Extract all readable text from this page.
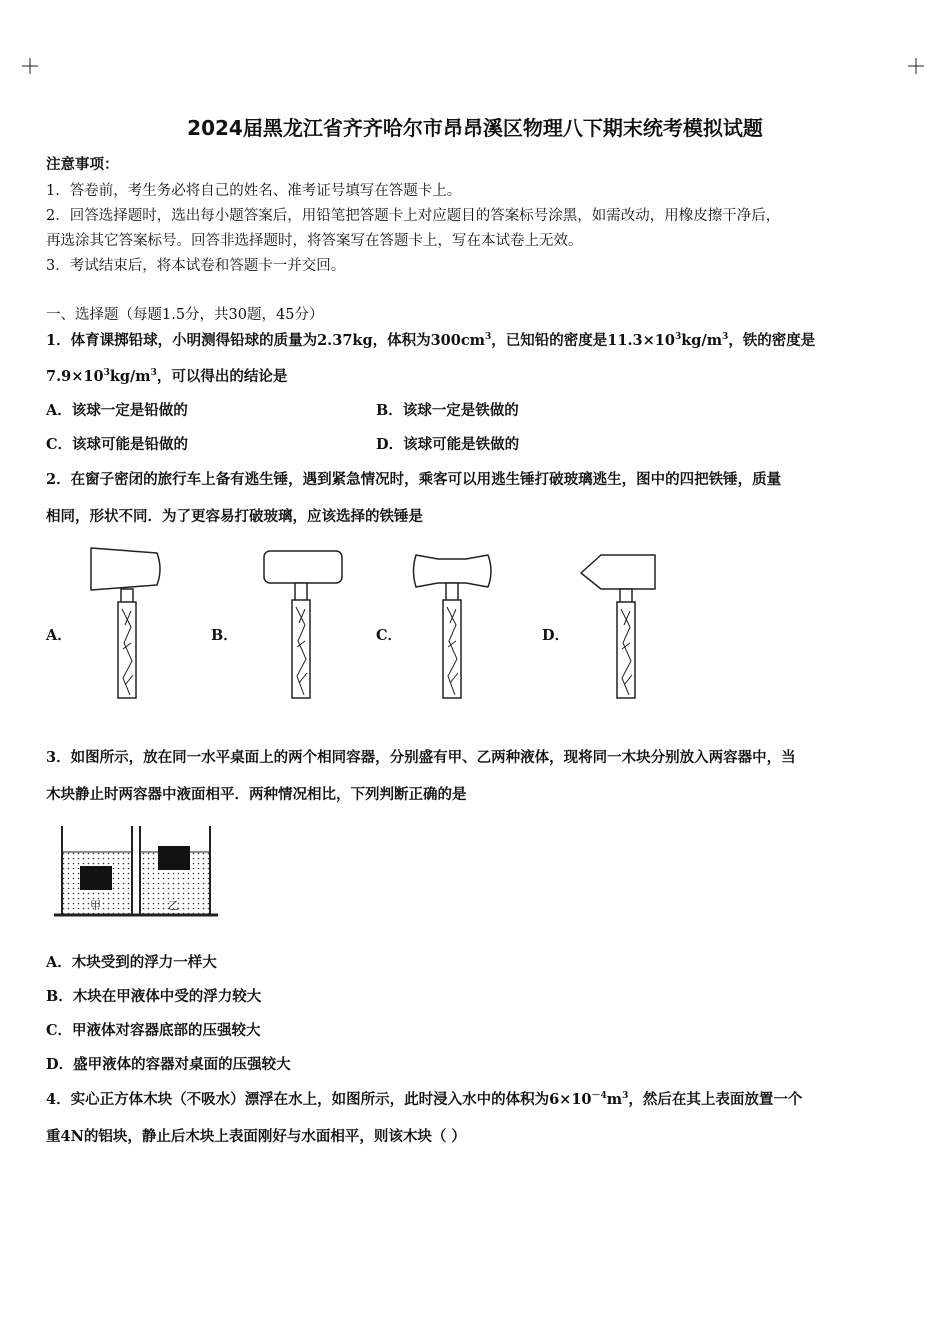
2024届黑龙江省齐齐哈尔市昂昂溪区物理八下期末统考模拟试题
注意事项：
1．答卷前，考生务必将自己的姓名、准考证号填写在答题卡上。
2．回答选择题时，选出每小题答案后，用铅笔把答题卡上对应题目的答案标号涂黑，如需改动，用橡皮擦干净后，
再选涂其它答案标号。回答非选择题时，将答案写在答题卡上，写在本试卷上无效。
3．考试结束后，将本试卷和答题卡一并交回。
一、选择题（每题1.5分，共30题，45分）
1．体育课掷铅球，小明测得铅球的质量为2.37kg，体积为$300cm^3$，已知铅的密度是$11.3\times 10^3kg/m^3$，铁的密度是
$7.9\times 10^3kg/m^3$，可以得出的结论是
A．该球一定是铅做的	B．该球一定是铁做的
C．该球可能是铅做的	D．该球可能是铁做的
2．在窗子密闭的旅行车上备有逃生锤，遇到紧急情况时，乘客可以用逃生锤打破玻璃逃生，图中的四把铁锤，质量
相同，形状不同．为了更容易打破玻璃，应该选择的铁锤是
A．	B．	C．	D．
3．如图所示，放在同一水平桌面上的两个相同容器，分别盛有甲、乙两种液体，现将同一木块分别放入两容器中，当
木块静止时两容器中液面相平．两种情况相比，下列判断正确的是
甲	乙
A．木块受到的浮力一样大
B．木块在甲液体中受的浮力较大
C．甲液体对容器底部的压强较大
D．盛甲液体的容器对桌面的压强较大
4．实心正方体木块（不吸水）漂浮在水上，如图所示，此时浸入水中的体积为$6\times 10^{-4}m^3$，然后在其上表面放置一个
重4N的铝块，静止后木块上表面刚好与水面相平，则该木块（ ）
